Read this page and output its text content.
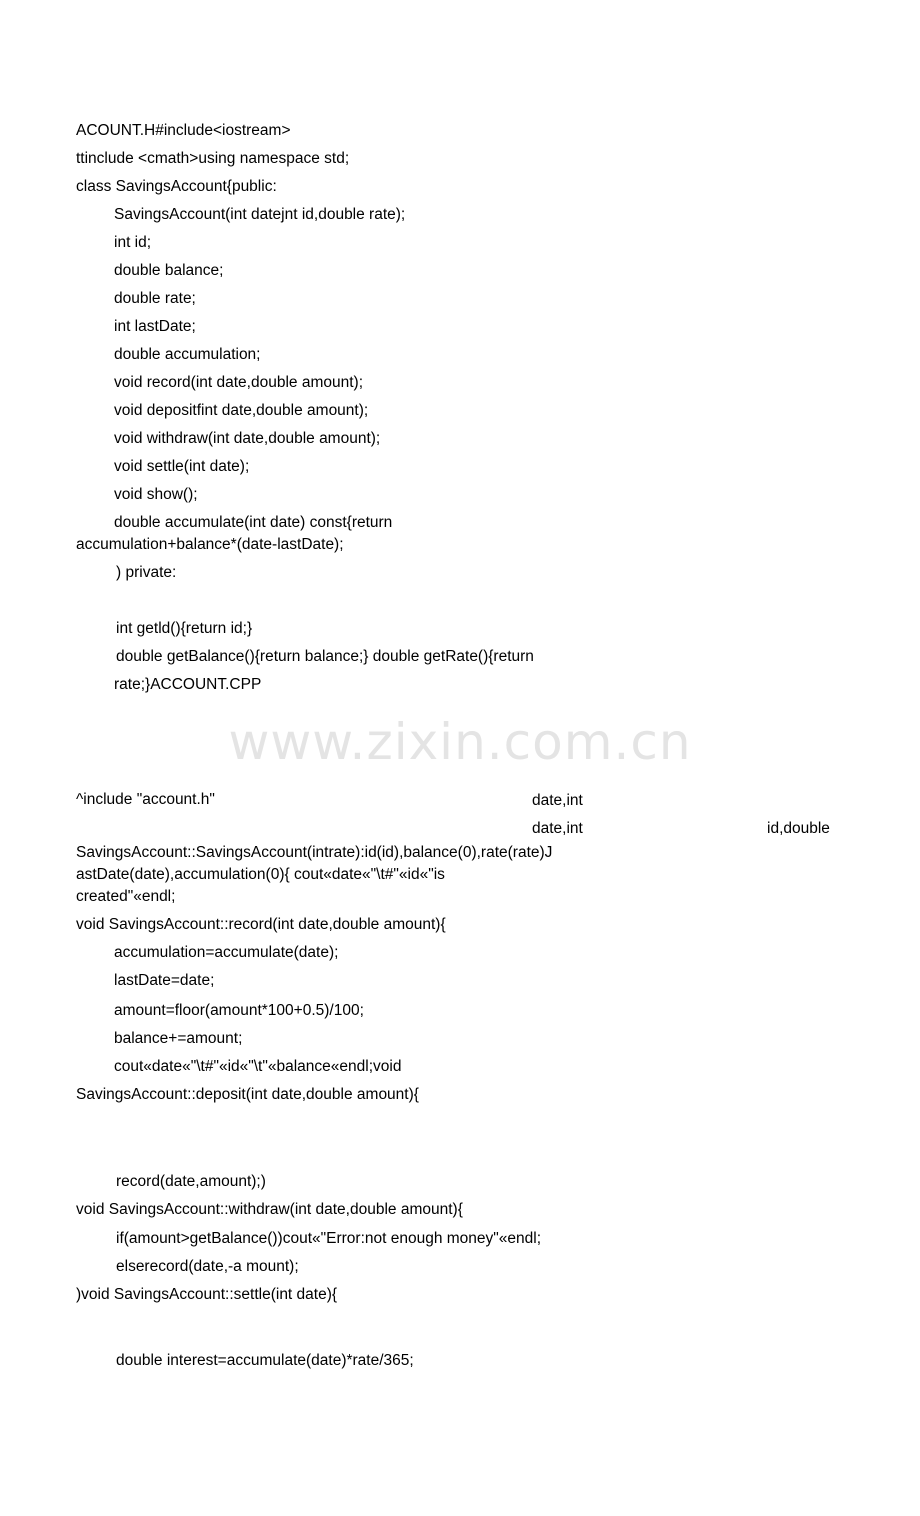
www.zixin.com.cn
ACOUNT.H#include<iostream>
ttinclude <cmath>using namespace std;
class SavingsAccount{public:
SavingsAccount(int datejnt id,double rate);
int id;
double balance;
double rate;
int lastDate;
double accumulation;
void record(int date,double amount);
void depositfint date,double amount);
void withdraw(int date,double amount);
void settle(int date);
void show();
double accumulate(int date) const{return
accumulation+balance*(date-lastDate);
) private:
int getld(){return id;}
double getBalance(){return balance;} double getRate(){return
rate;}ACCOUNT.CPP
^include "account.h"	date,int
date,int	id,double
SavingsAccount::SavingsAccount(intrate):id(id),balance(0),rate(rate)J
astDate(date),accumulation(0){ cout«date«"\t#"«id«"is
created"«endl;
void SavingsAccount::record(int date,double amount){
accumulation=accumulate(date);
lastDate=date;
amount=floor(amount*100+0.5)/100;
balance+=amount;
cout«date«"\t#"«id«"\t"«balance«endl;void
SavingsAccount::deposit(int date,double amount){
record(date,amount);)
void SavingsAccount::withdraw(int date,double amount){
if(amount>getBalance())cout«"Error:not enough money"«endl;
elserecord(date,-a mount);
)void SavingsAccount::settle(int date){
double interest=accumulate(date)*rate/365;
